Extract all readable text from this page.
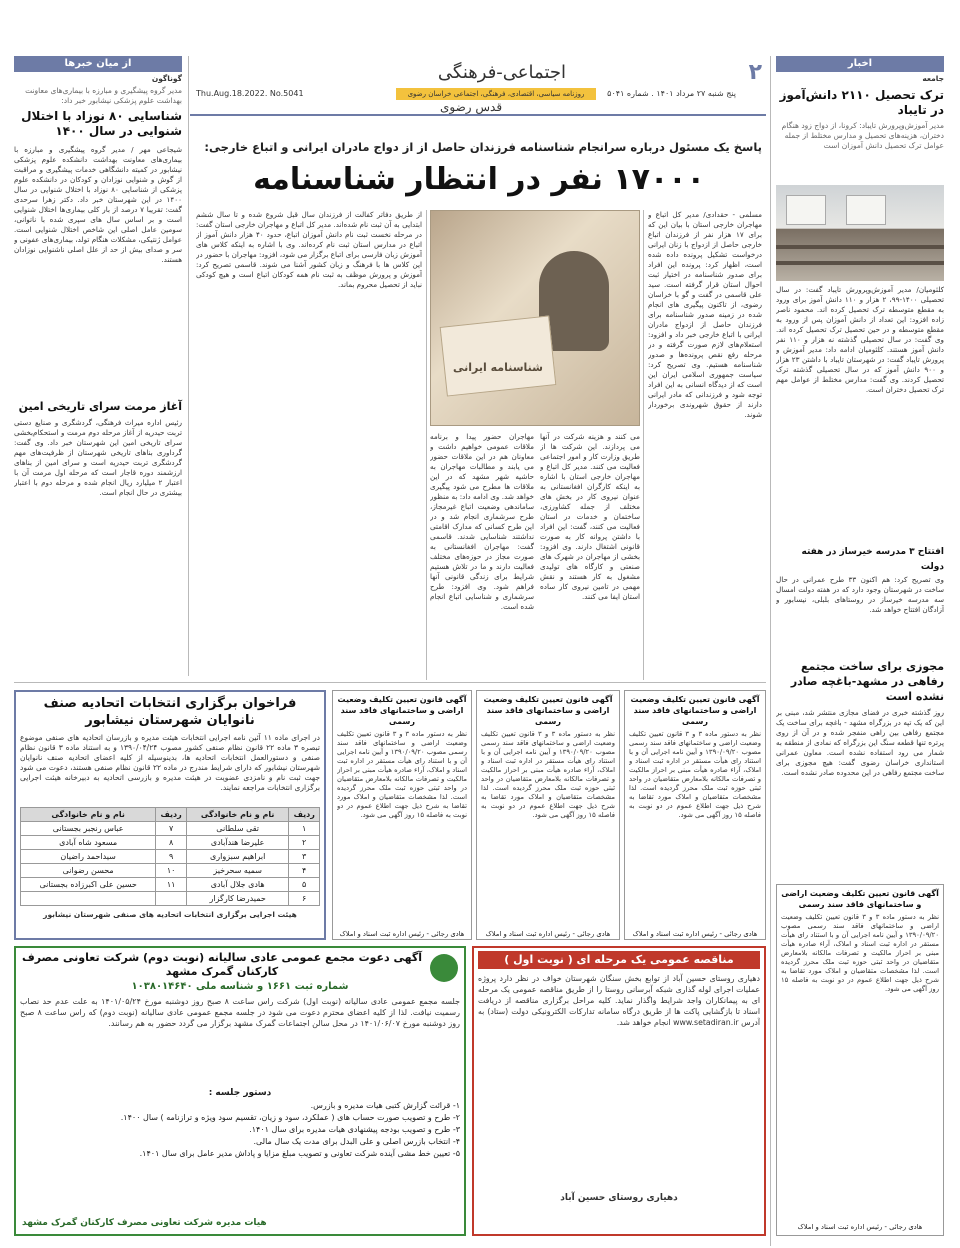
۲
اجتماعی-فرهنگی
روزنامه سیاسی، اقتصادی، فرهنگی، اجتماعی خراسان رضوی	پنج شنبه ۲۷ مرداد ۱۴۰۱ . شماره ۵۰۴۱
Thu.Aug.18.2022. No.5041
قدس رضوی
اخبار
جامعه
ترک تحصیل ۲۱۱۰ دانش‌آموز در تایباد
مدیر آموزش‌وپرورش تایباد: کرونا، از دواج زود هنگام دختران، هزینه‌های تحصیل و مدارس مختلط از جمله عوامل ترک تحصیل دانش آموزان است
کلثومیان/ مدیر آموزش‌وپرورش تایباد گفت: در سال تحصیلی ۱۴۰۰-۹۹، ۲ هزار و ۱۱۰ دانش آموز برای ورود به مقطع متوسطه ترک تحصیل کرده اند. محمود ناصر زاده افزود: این تعداد از دانش آموزان پس از ورود به مقطع متوسطه و در حین تحصیل ترک تحصیل کرده اند. وی گفت: در سال تحصیلی گذشته نه هزار و ۱۱۰ نفر دانش آموز هستند. کلثومیان ادامه داد: مدیر آموزش و پرورش تایباد گفت: در شهرستان تایباد با داشتن ۲۳ هزار و ۹۰۰ دانش آموز که در سال تحصیلی گذشته ترک تحصیل کردند. وی گفت: مدارس مختلط از عوامل مهم ترک تحصیل دختران است.
افتتاح ۳ مدرسه خیرساز در هفته دولت
وی تصریح کرد: هم اکنون ۳۳ طرح عمرانی در حال ساخت در شهرستان وجود دارد که در هفته دولت امسال سه مدرسه خیرساز در روستاهای بلبلی، نیسابور و آزادگان افتتاح خواهد شد.
مجوزی برای ساخت مجتمع رفاهی در مشهد-باغچه صادر نشده است
روز گذشته خبری در فضای مجازی منتشر شد، مبنی بر این که یک تپه در بزرگراه مشهد - باغچه برای ساخت یک مجتمع رفاهی بین راهی منفجر شده و در آن از روی پرتره تنها قطعه سنگ این بزرگراه که نمادی از منطقه به شمار می رود استفاده نشده است. معاون عمرانی استانداری خراسان رضوی گفت: هیچ مجوزی برای ساخت مجتمع رفاهی در این محدوده صادر نشده است.
از میان خبر‌ها
گوناگون
مدیر گروه پیشگیری و مبارزه با بیماری‌های معاونت بهداشت علوم پزشکی نیشابور خبر داد:
شناسایی ۸۰ نوزاد با اختلال شنوایی در سال ۱۴۰۰
شیجاعی مهر / مدیر گروه پیشگیری و مبارزه با بیماری‌های معاونت بهداشت دانشکده علوم پزشکی نیشابور در کمیته دانشگاهی خدمات پیشگیری و مراقبت از گوش و شنوایی نوزادان و کودکان در دانشکده علوم پزشکی از شناسایی ۸۰ نوزاد با اختلال شنوایی در سال ۱۴۰۰ در این شهرستان خبر داد. دکتر زهرا سرحدی گفت: تقریبا ۷ درصد از بار کلی بیماری‌ها اختلال شنوایی است و بر اساس سال های سپری شده با ناتوانی، سومین عامل اصلی این شاخص اختلال شنوایی است. عوامل ژنتیکی، مشکلات هنگام تولد، بیماری‌های عفونی و سر و صدای بیش از حد از علل اصلی ناشنوایی نوزادان هستند.
آغاز مرمت سرای تاریخی امین
رئیس اداره میراث فرهنگی، گردشگری و صنایع دستی تربت حیدریه از آغاز مرحله دوم مرمت و استحکام‌بخشی سرای تاریخی امین این شهرستان خبر داد. وی گفت: گرداوری بناهای تاریخی شهرستان از ظرفیت‌های مهم گردشگری تربت حیدریه است و سرای امین از بناهای ارزشمند دوره قاجار است که مرحله اول مرمت آن با اعتبار ۲ میلیارد ریال انجام شده و مرحله دوم با اعتبار بیشتری در حال انجام است.
پاسخ یک مسئول درباره سرانجام شناسنامه فرزندان حاصل از از دواج مادران ایرانی و اتباع خارجی:
۱۷۰۰۰ نفر در انتظار شناسنامه
مسلمی - حقدادی/ مدیر کل اتباع و مهاجران خارجی استان با بیان این که برای ۱۷ هزار نفر از فرزندان اتباع خارجی حاصل از ازدواج با زنان ایرانی درخواست تشکیل پرونده داده شده است، اظهار کرد: پرونده این افراد برای صدور شناسنامه در اختیار ثبت احوال استان قرار گرفته است. سید علی قاسمی در گفت و گو با خراسان رضوی، از تاکنون پیگیری های انجام شده در زمینه صدور شناسنامه برای فرزندان حاصل از ازدواج مادران ایرانی با اتباع خارجی خبر داد و افزود: استعلام‌های لازم صورت گرفته و در مرحله رفع نقص پرونده‌ها و صدور شناسنامه هستیم. وی تصریح کرد: سیاست جمهوری اسلامی ایران این است که از دیدگاه انسانی به این افراد توجه شود و فرزندانی که مادر ایرانی دارند از حقوق شهروندی برخوردار شوند.
شناسنامه ایرانی
می کنند و هزینه شرکت در آنها می پردازند. این شرکت ها از طریق وزارت کار و امور اجتماعی فعالیت می کنند. مدیر کل اتباع و مهاجران خارجی استان با اشاره به اینکه کارگران افغانستانی به عنوان نیروی کار در بخش های مختلف از جمله کشاورزی، ساختمان و خدمات در استان فعالیت می کنند، گفت: این افراد با داشتن پروانه کار به صورت قانونی اشتغال دارند. وی افزود: بخشی از مهاجران در شهرک های صنعتی و کارگاه های تولیدی مشغول به کار هستند و نقش مهمی در تامین نیروی کار ساده استان ایفا می کنند.
مهاجران حضور پیدا و برنامه ملاقات عمومی خواهیم داشت و معاونان هم در این ملاقات حضور می یابند و مطالبات مهاجران به حاشیه شهر مشهد که در این ملاقات ها مطرح می شود پیگیری خواهد شد. وی ادامه داد: به منظور ساماندهی وضعیت اتباع غیرمجاز، طرح سرشماری انجام شد و در این طرح کسانی که مدارک اقامتی نداشتند شناسایی شدند. قاسمی گفت: مهاجران افغانستانی به صورت مجاز در حوزه‌های مختلف فعالیت دارند و ما در تلاش هستیم شرایط برای زندگی قانونی آنها فراهم شود. وی افزود: طرح سرشماری و شناسایی اتباع انجام شده است.
از طریق دفاتر کفالت از فرزندان سال قبل شروع شده و تا سال ششم ابتدایی به آن ثبت نام شده‌اند. مدیر کل اتباع و مهاجران خارجی استان گفت: در مرحله نخست ثبت نام دانش آموزان اتباع، حدود ۴۰ هزار دانش آموز از اتباع در مدارس استان ثبت نام کرده‌اند. وی با اشاره به اینکه کلاس های آموزش زبان فارسی برای اتباع برگزار می شود، افزود: مهاجران با حضور در این کلاس ها با فرهنگ و زبان کشور آشنا می شوند. قاسمی تصریح کرد: آموزش و پرورش موظف به ثبت نام همه کودکان اتباع است و هیچ کودکی نباید از تحصیل محروم بماند.
فراخوان برگزاری انتخابات اتحادیه صنف نانوایان شهرستان نیشابور
در اجرای ماده ۱۱ آئین نامه اجرایی انتخابات هیئت مدیره و بازرسان اتحادیه های صنفی موضوع تبصره ۳ ماده ۲۲ قانون نظام صنفی کشور مصوب ۱۳۹۰/۰۴/۲۴ و به استناد ماده ۳ قانون نظام صنفی و دستورالعمل انتخابات اتحادیه ها، بدینوسیله از کلیه اعضای اتحادیه صنف نانوایان شهرستان نیشابور که دارای شرایط مندرج در ماده ۲۲ قانون نظام صنفی هستند، دعوت می شود جهت ثبت نام و نامزدی عضویت در هیئت مدیره و بازرسی اتحادیه به دبیرخانه هیئت اجرایی برگزاری انتخابات مراجعه نمایند.
ردیف	نام و نام خانوادگی	ردیف	نام و نام خانوادگی
۱	تقی سلطانی	۷	عباس رنجبر بجستانی
۲	علیرضا هندآبادی	۸	مسعود شاه آبادی
۳	ابراهیم سبزواری	۹	سیداحمد راضیان
۴	سمیه سحرخیز	۱۰	محسن رضوانی
۵	هادی جلال آبادی	۱۱	حسین علی اکبرزاده بجستانی
۶	حمیدرضا کارگزار		
هیئت اجرایی برگزاری انتخابات اتحادیه های صنفی شهرستان نیشابور
آگهی قانون تعیین تکلیف وضعیت اراضی و ساختمانهای فاقد سند رسمی
نظر به دستور ماده ۳ و ۳ قانون تعیین تکلیف وضعیت اراضی و ساختمانهای فاقد سند رسمی مصوب ۱۳۹۰/۰۹/۲۰ و آیین نامه اجرایی آن و با استناد رای هیأت مستقر در اداره ثبت اسناد و املاک، آراء صادره هیأت مبنی بر احراز مالکیت و تصرفات مالکانه بلامعارض متقاضیان در واحد ثبتی حوزه ثبت ملک محرز گردیده است. لذا مشخصات متقاضیان و املاک مورد تقاضا به شرح ذیل جهت اطلاع عموم در دو نوبت به فاصله ۱۵ روز آگهی می شود.
هادی رجائی - رئیس اداره ثبت اسناد و املاک
آگهی قانون تعیین تکلیف وضعیت اراضی و ساختمانهای فاقد سند رسمی
نظر به دستور ماده ۳ و ۳ قانون تعیین تکلیف وضعیت اراضی و ساختمانهای فاقد سند رسمی مصوب ۱۳۹۰/۰۹/۲۰ و آیین نامه اجرایی آن و با استناد رای هیأت مستقر در اداره ثبت اسناد و املاک، آراء صادره هیأت مبنی بر احراز مالکیت و تصرفات مالکانه بلامعارض متقاضیان در واحد ثبتی حوزه ثبت ملک محرز گردیده است. لذا مشخصات متقاضیان و املاک مورد تقاضا به شرح ذیل جهت اطلاع عموم در دو نوبت به فاصله ۱۵ روز آگهی می شود.
هادی رجائی - رئیس اداره ثبت اسناد و املاک
آگهی قانون تعیین تکلیف وضعیت اراضی و ساختمانهای فاقد سند رسمی
نظر به دستور ماده ۳ و ۳ قانون تعیین تکلیف وضعیت اراضی و ساختمانهای فاقد سند رسمی مصوب ۱۳۹۰/۰۹/۲۰ و آیین نامه اجرایی آن و با استناد رای هیأت مستقر در اداره ثبت اسناد و املاک، آراء صادره هیأت مبنی بر احراز مالکیت و تصرفات مالکانه بلامعارض متقاضیان در واحد ثبتی حوزه ثبت ملک محرز گردیده است. لذا مشخصات متقاضیان و املاک مورد تقاضا به شرح ذیل جهت اطلاع عموم در دو نوبت به فاصله ۱۵ روز آگهی می شود.
هادی رجائی - رئیس اداره ثبت اسناد و املاک
آگهی قانون تعیین تکلیف وضعیت اراضی و ساختمانهای فاقد سند رسمی
نظر به دستور ماده ۳ و ۳ قانون تعیین تکلیف وضعیت اراضی و ساختمانهای فاقد سند رسمی مصوب ۱۳۹۰/۰۹/۲۰ و آیین نامه اجرایی آن و با استناد رای هیأت مستقر در اداره ثبت اسناد و املاک، آراء صادره هیأت مبنی بر احراز مالکیت و تصرفات مالکانه بلامعارض متقاضیان در واحد ثبتی حوزه ثبت ملک محرز گردیده است. لذا مشخصات متقاضیان و املاک مورد تقاضا به شرح ذیل جهت اطلاع عموم در دو نوبت به فاصله ۱۵ روز آگهی می شود.
هادی رجائی - رئیس اداره ثبت اسناد و املاک
آگهی دعوت مجمع عمومی عادی سالیانه (نوبت دوم) شرکت تعاونی مصرف کارکنان گمرک مشهد
شماره ثبت ۱۶۶۱ و شناسه ملی ۱۰۳۸۰۱۴۶۴۰
جلسه مجمع عمومی عادی سالیانه (نوبت اول) شرکت راس ساعت ۸ صبح روز دوشنبه مورخ ۱۴۰۱/۰۵/۲۴ به علت عدم حد نصاب رسمیت نیافت. لذا از کلیه اعضای محترم دعوت می شود در جلسه مجمع عمومی عادی سالیانه (نوبت دوم) که راس ساعت ۸ صبح روز دوشنبه مورخ ۱۴۰۱/۰۶/۰۷ در محل سالن اجتماعات گمرک مشهد برگزار می گردد حضور به هم رسانند.
دستور جلسه :
۱- قرائت گزارش کتبی هیات مدیره و بازرس.
۲- طرح و تصویب صورت حساب های ( عملکرد، سود و زیان، تقسیم سود ویژه و ترازنامه ) سال ۱۴۰۰.
۳- طرح و تصویب بودجه پیشنهادی هیات مدیره برای سال ۱۴۰۱.
۴- انتخاب بازرس اصلی و علی البدل برای مدت یک سال مالی.
۵- تعیین خط مشی آینده شرکت تعاونی و تصویب مبلغ مزایا و پاداش مدیر عامل برای سال ۱۴۰۱.
هیات مدیره شرکت تعاونی مصرف کارکنان گمرک مشهد
مناقصه عمومی یک مرحله ای ( نوبت اول )
دهیاری روستای حسین آباد از توابع بخش سنگان شهرستان خواف در نظر دارد پروژه عملیات اجرای لوله گذاری شبکه آبرسانی روستا را از طریق مناقصه عمومی یک مرحله ای به پیمانکاران واجد شرایط واگذار نماید. کلیه مراحل برگزاری مناقصه از دریافت اسناد تا بازگشایی پاکت ها از طریق درگاه سامانه تدارکات الکترونیکی دولت (ستاد) به آدرس www.setadiran.ir انجام خواهد شد.
دهیاری روستای حسین آباد
